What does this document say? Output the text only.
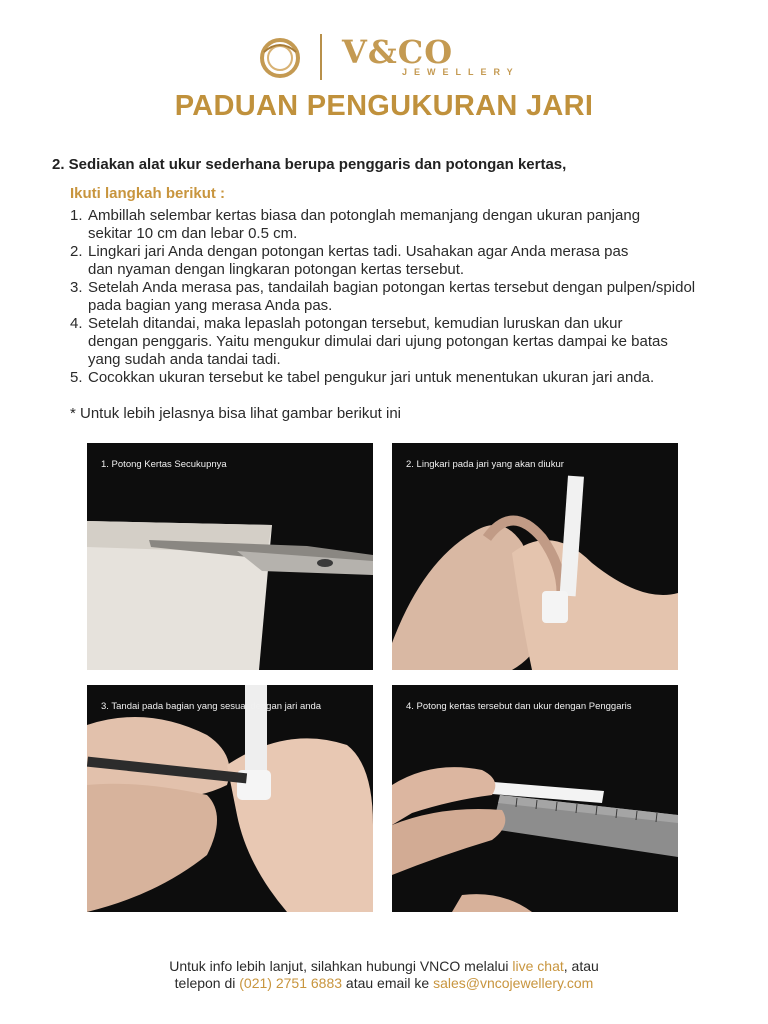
V&CO
JEWELLERY
PADUAN PENGUKURAN JARI
2. Sediakan alat ukur sederhana berupa penggaris dan potongan kertas,
Ikuti langkah berikut :
1. Ambillah selembar kertas biasa dan potonglah memanjang dengan ukuran panjang
sekitar 10 cm dan lebar 0.5 cm.
2. Lingkari jari Anda dengan potongan kertas tadi. Usahakan agar Anda merasa pas
dan nyaman dengan lingkaran potongan kertas tersebut.
3. Setelah Anda merasa pas, tandailah bagian potongan kertas tersebut dengan pulpen/spidol
pada bagian yang merasa Anda pas.
4. Setelah ditandai, maka lepaslah potongan tersebut, kemudian luruskan dan ukur
dengan penggaris. Yaitu mengukur dimulai dari ujung potongan kertas dampai ke batas
yang sudah anda tandai tadi.
5. Cocokkan ukuran tersebut ke tabel pengukur jari untuk menentukan ukuran jari anda.
* Untuk lebih jelasnya bisa lihat gambar berikut ini
1. Potong Kertas Secukupnya	2. Lingkari pada jari yang akan diukur
3. Tandai pada bagian yang sesuai dengan jari anda	4. Potong kertas tersebut dan ukur dengan Penggaris
Untuk info lebih lanjut, silahkan hubungi VNCO melalui live chat, atau
telepon di (021) 2751 6883 atau email ke sales@vncojewellery.com
